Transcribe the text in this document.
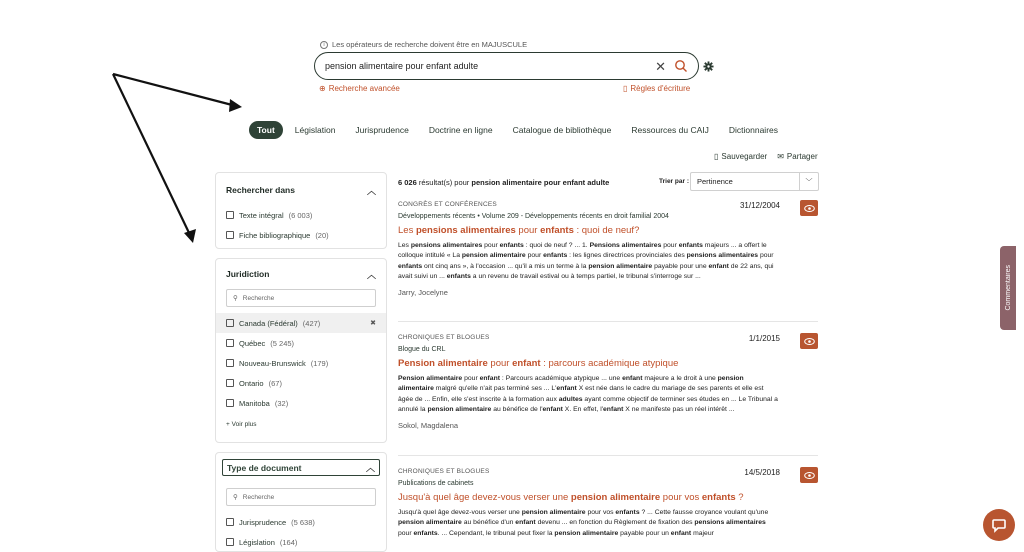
i Les opérateurs de recherche doivent être en MAJUSCULE
pension alimentaire pour enfant adulte
✕
⊕ Recherche avancée	▯ Règles d'écriture
Tout	Législation	Jurisprudence	Doctrine en ligne	Catalogue de bibliothèque	Ressources du CAIJ	Dictionnaires
▯ Sauvegarder ✉ Partager
Rechercher dans	︿
Texte intégral (6 003)
Fiche bibliographique (20)
Juridiction	︿
⚲ Recherche
Canada (Fédéral) (427)	✖
Québec (5 245)
Nouveau-Brunswick (179)
Ontario (67)
Manitoba (32)
+ Voir plus
Type de document	︿
⚲ Recherche
Jurisprudence (5 638)
Législation (164)
6 026 résultat(s) pour pension alimentaire pour enfant adulte	Trier par : Pertinence	﹀
CONGRÈS ET CONFÉRENCES	31/12/2004
Développements récents • Volume 209 - Développements récents en droit familial 2004
Les pensions alimentaires pour enfants : quoi de neuf?
Les pensions alimentaires pour enfants : quoi de neuf ? ... 1. Pensions alimentaires pour enfants majeurs ... a offert le colloque intitulé « La pension alimentaire pour enfants : les lignes directrices provinciales des pensions alimentaires pour enfants ont cinq ans », à l'occasion ... qu'il a mis un terme à la pension alimentaire payable pour une enfant de 22 ans, qui avait suivi un ... enfants a un revenu de travail estival ou à temps partiel, le tribunal s'interroge sur ...
Jarry, Jocelyne
CHRONIQUES ET BLOGUES	1/1/2015
Blogue du CRL
Pension alimentaire pour enfant : parcours académique atypique
Pension alimentaire pour enfant : Parcours académique atypique ... une enfant majeure a le droit à une pension alimentaire malgré qu'elle n'ait pas terminé ses ... L'enfant X est née dans le cadre du mariage de ses parents et elle est âgée de ... Enfin, elle s'est inscrite à la formation aux adultes ayant comme objectif de terminer ses études en ... Le Tribunal a annulé la pension alimentaire au bénéfice de l'enfant X. En effet, l'enfant X ne manifeste pas un réel intérêt ...
Sokol, Magdalena
CHRONIQUES ET BLOGUES	14/5/2018
Publications de cabinets
Jusqu'à quel âge devez-vous verser une pension alimentaire pour vos enfants ?
Jusqu'à quel âge devez-vous verser une pension alimentaire pour vos enfants ? ... Cette fausse croyance voulant qu'une pension alimentaire au bénéfice d'un enfant devenu ... en fonction du Règlement de fixation des pensions alimentaires pour enfants. ... Cependant, le tribunal peut fixer la pension alimentaire payable pour un enfant majeur
Commentaires
